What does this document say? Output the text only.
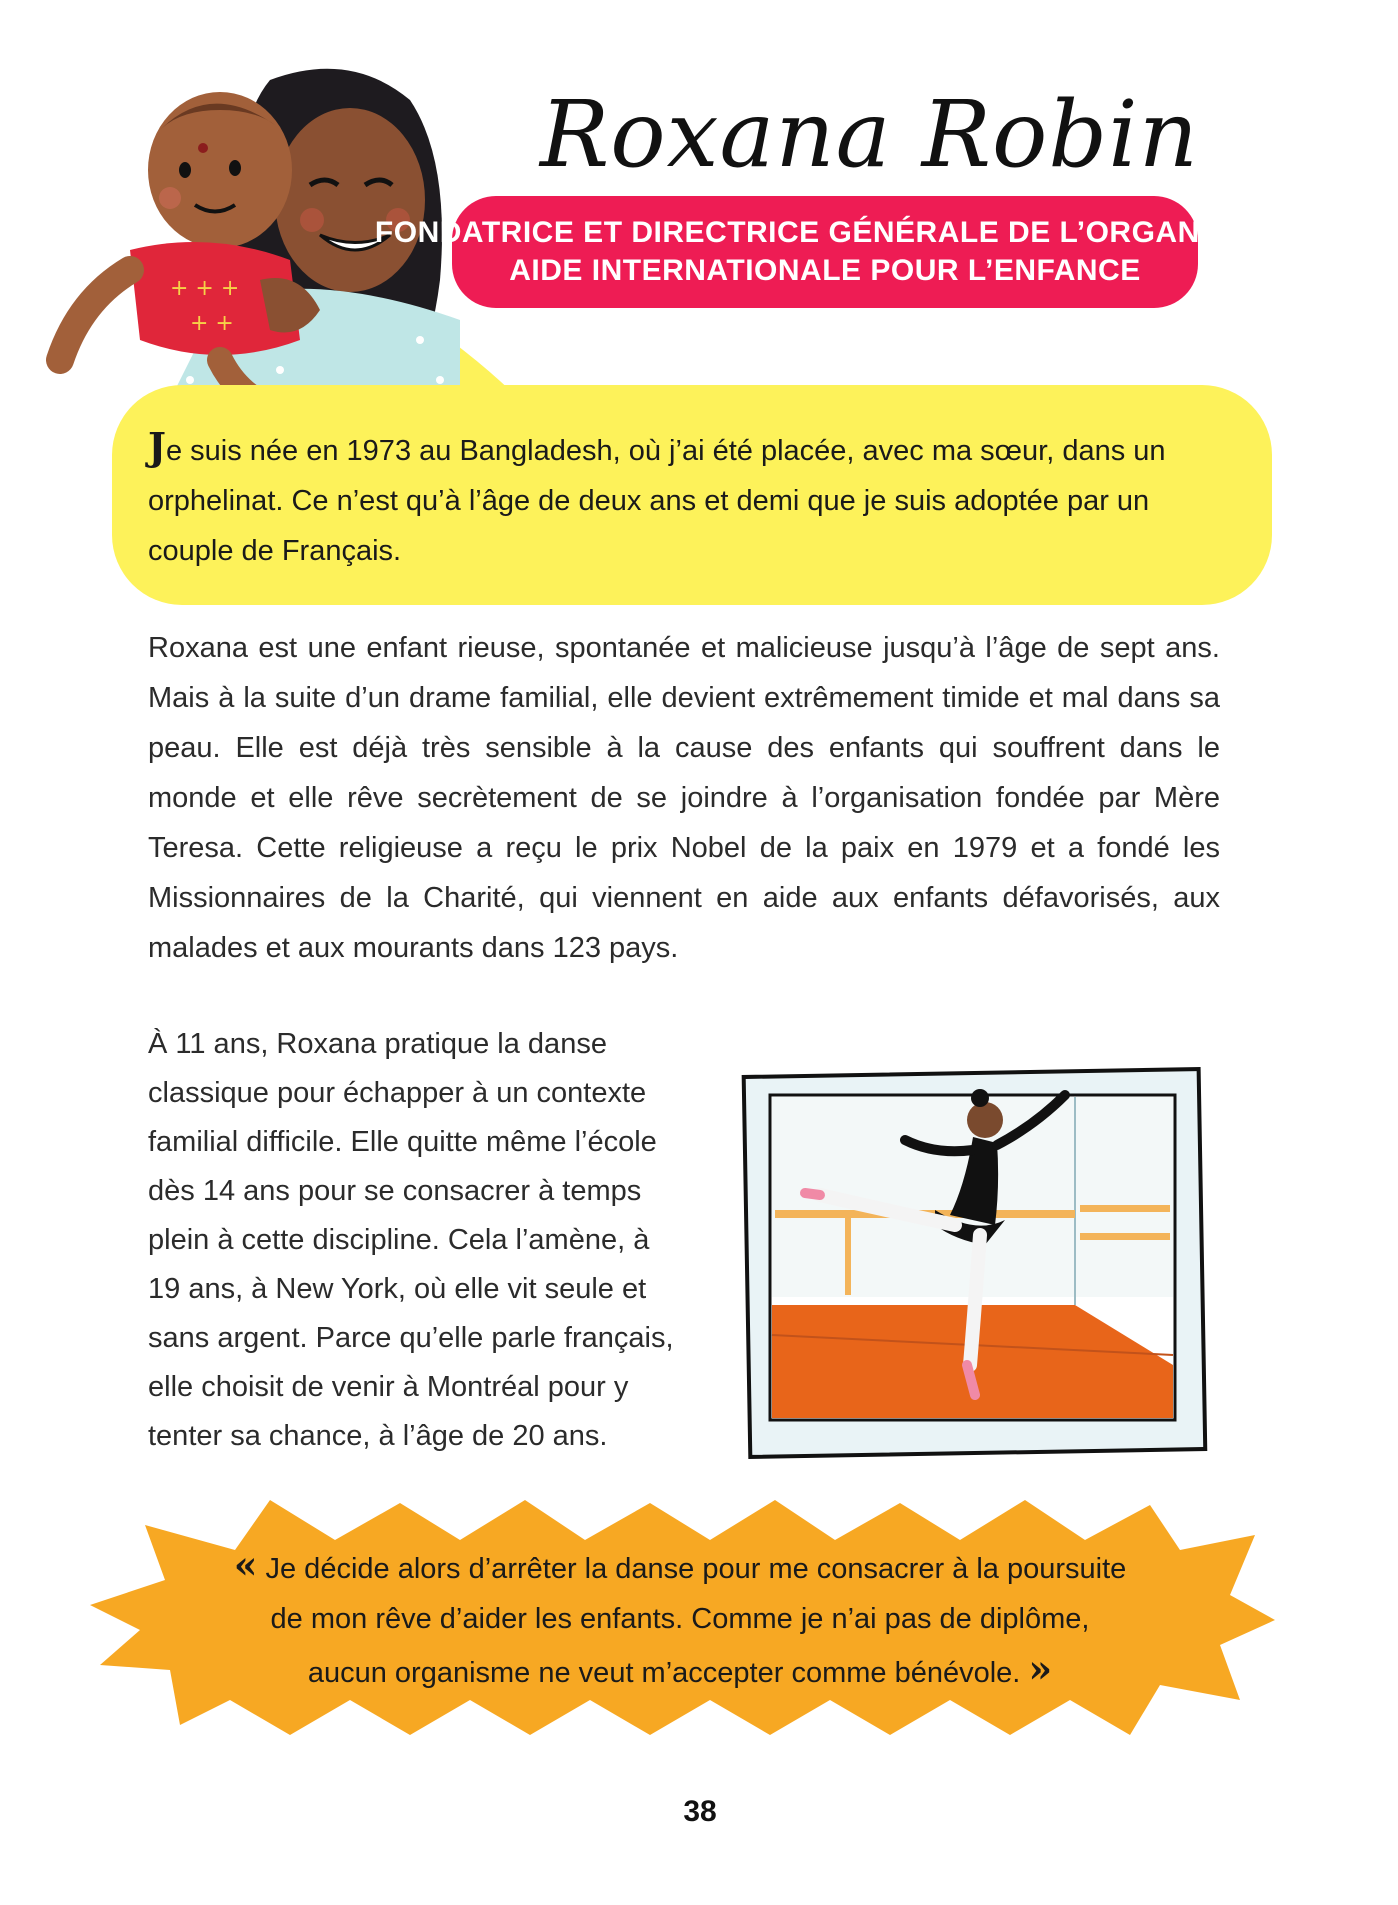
+ + +
+ +
Roxana Robin
FONDATRICE ET DIRECTRICE GÉNÉRALE DE L’ORGANISME
AIDE INTERNATIONALE POUR L’ENFANCE
Je suis née en 1973 au Bangladesh, où j’ai été placée, avec ma sœur, dans un orphelinat. Ce n’est qu’à l’âge de deux ans et demi que je suis adoptée par un couple de Français.
Roxana est une enfant rieuse, spontanée et malicieuse jusqu’à l’âge de sept ans. Mais à la suite d’un drame familial, elle devient extrêmement timide et mal dans sa peau. Elle est déjà très sensible à la cause des enfants qui souffrent dans le monde et elle rêve secrètement de se joindre à l’organisation fondée par Mère Teresa. Cette religieuse a reçu le prix Nobel de la paix en 1979 et a fondé les Missionnaires de la Charité, qui viennent en aide aux enfants défavorisés, aux malades et aux mourants dans 123 pays.
À 11 ans, Roxana pratique la danse
classique pour échapper à un contexte
familial difficile. Elle quitte même l’école
dès 14 ans pour se consacrer à temps
plein à cette discipline. Cela l’amène, à
19 ans, à New York, où elle vit seule et
sans argent. Parce qu’elle parle français,
elle choisit de venir à Montréal pour y
tenter sa chance, à l’âge de 20 ans.
« Je décide alors d’arrêter la danse pour me consacrer à la poursuite
de mon rêve d’aider les enfants. Comme je n’ai pas de diplôme,
aucun organisme ne veut m’accepter comme bénévole. »
38
